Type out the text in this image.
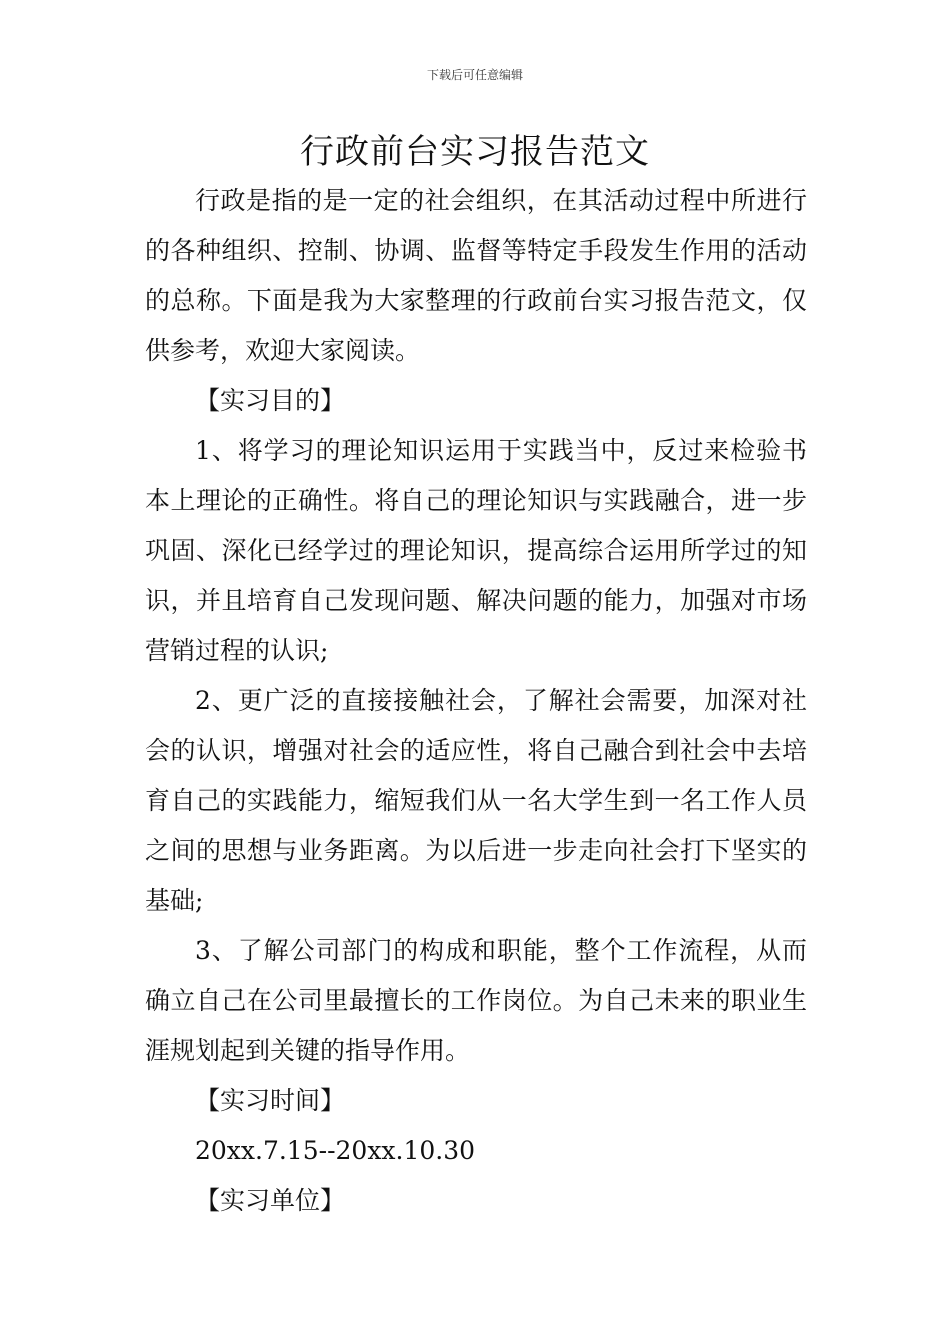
下载后可任意编辑
行政前台实习报告范文

行政是指的是一定的社会组织，在其活动过程中所进行的各种组织、控制、协调、监督等特定手段发生作用的活动的总称。下面是我为大家整理的行政前台实习报告范文，仅供参考，欢迎大家阅读。

【实习目的】

1、将学习的理论知识运用于实践当中，反过来检验书本上理论的正确性。将自己的理论知识与实践融合，进一步巩固、深化已经学过的理论知识，提高综合运用所学过的知识，并且培育自己发现问题、解决问题的能力，加强对市场营销过程的认识;

2、更广泛的直接接触社会，了解社会需要，加深对社会的认识，增强对社会的适应性，将自己融合到社会中去培育自己的实践能力，缩短我们从一名大学生到一名工作人员之间的思想与业务距离。为以后进一步走向社会打下坚实的基础;

3、了解公司部门的构成和职能，整个工作流程，从而确立自己在公司里最擅长的工作岗位。为自己未来的职业生涯规划起到关键的指导作用。

【实习时间】

20xx.7.15--20xx.10.30

【实习单位】
